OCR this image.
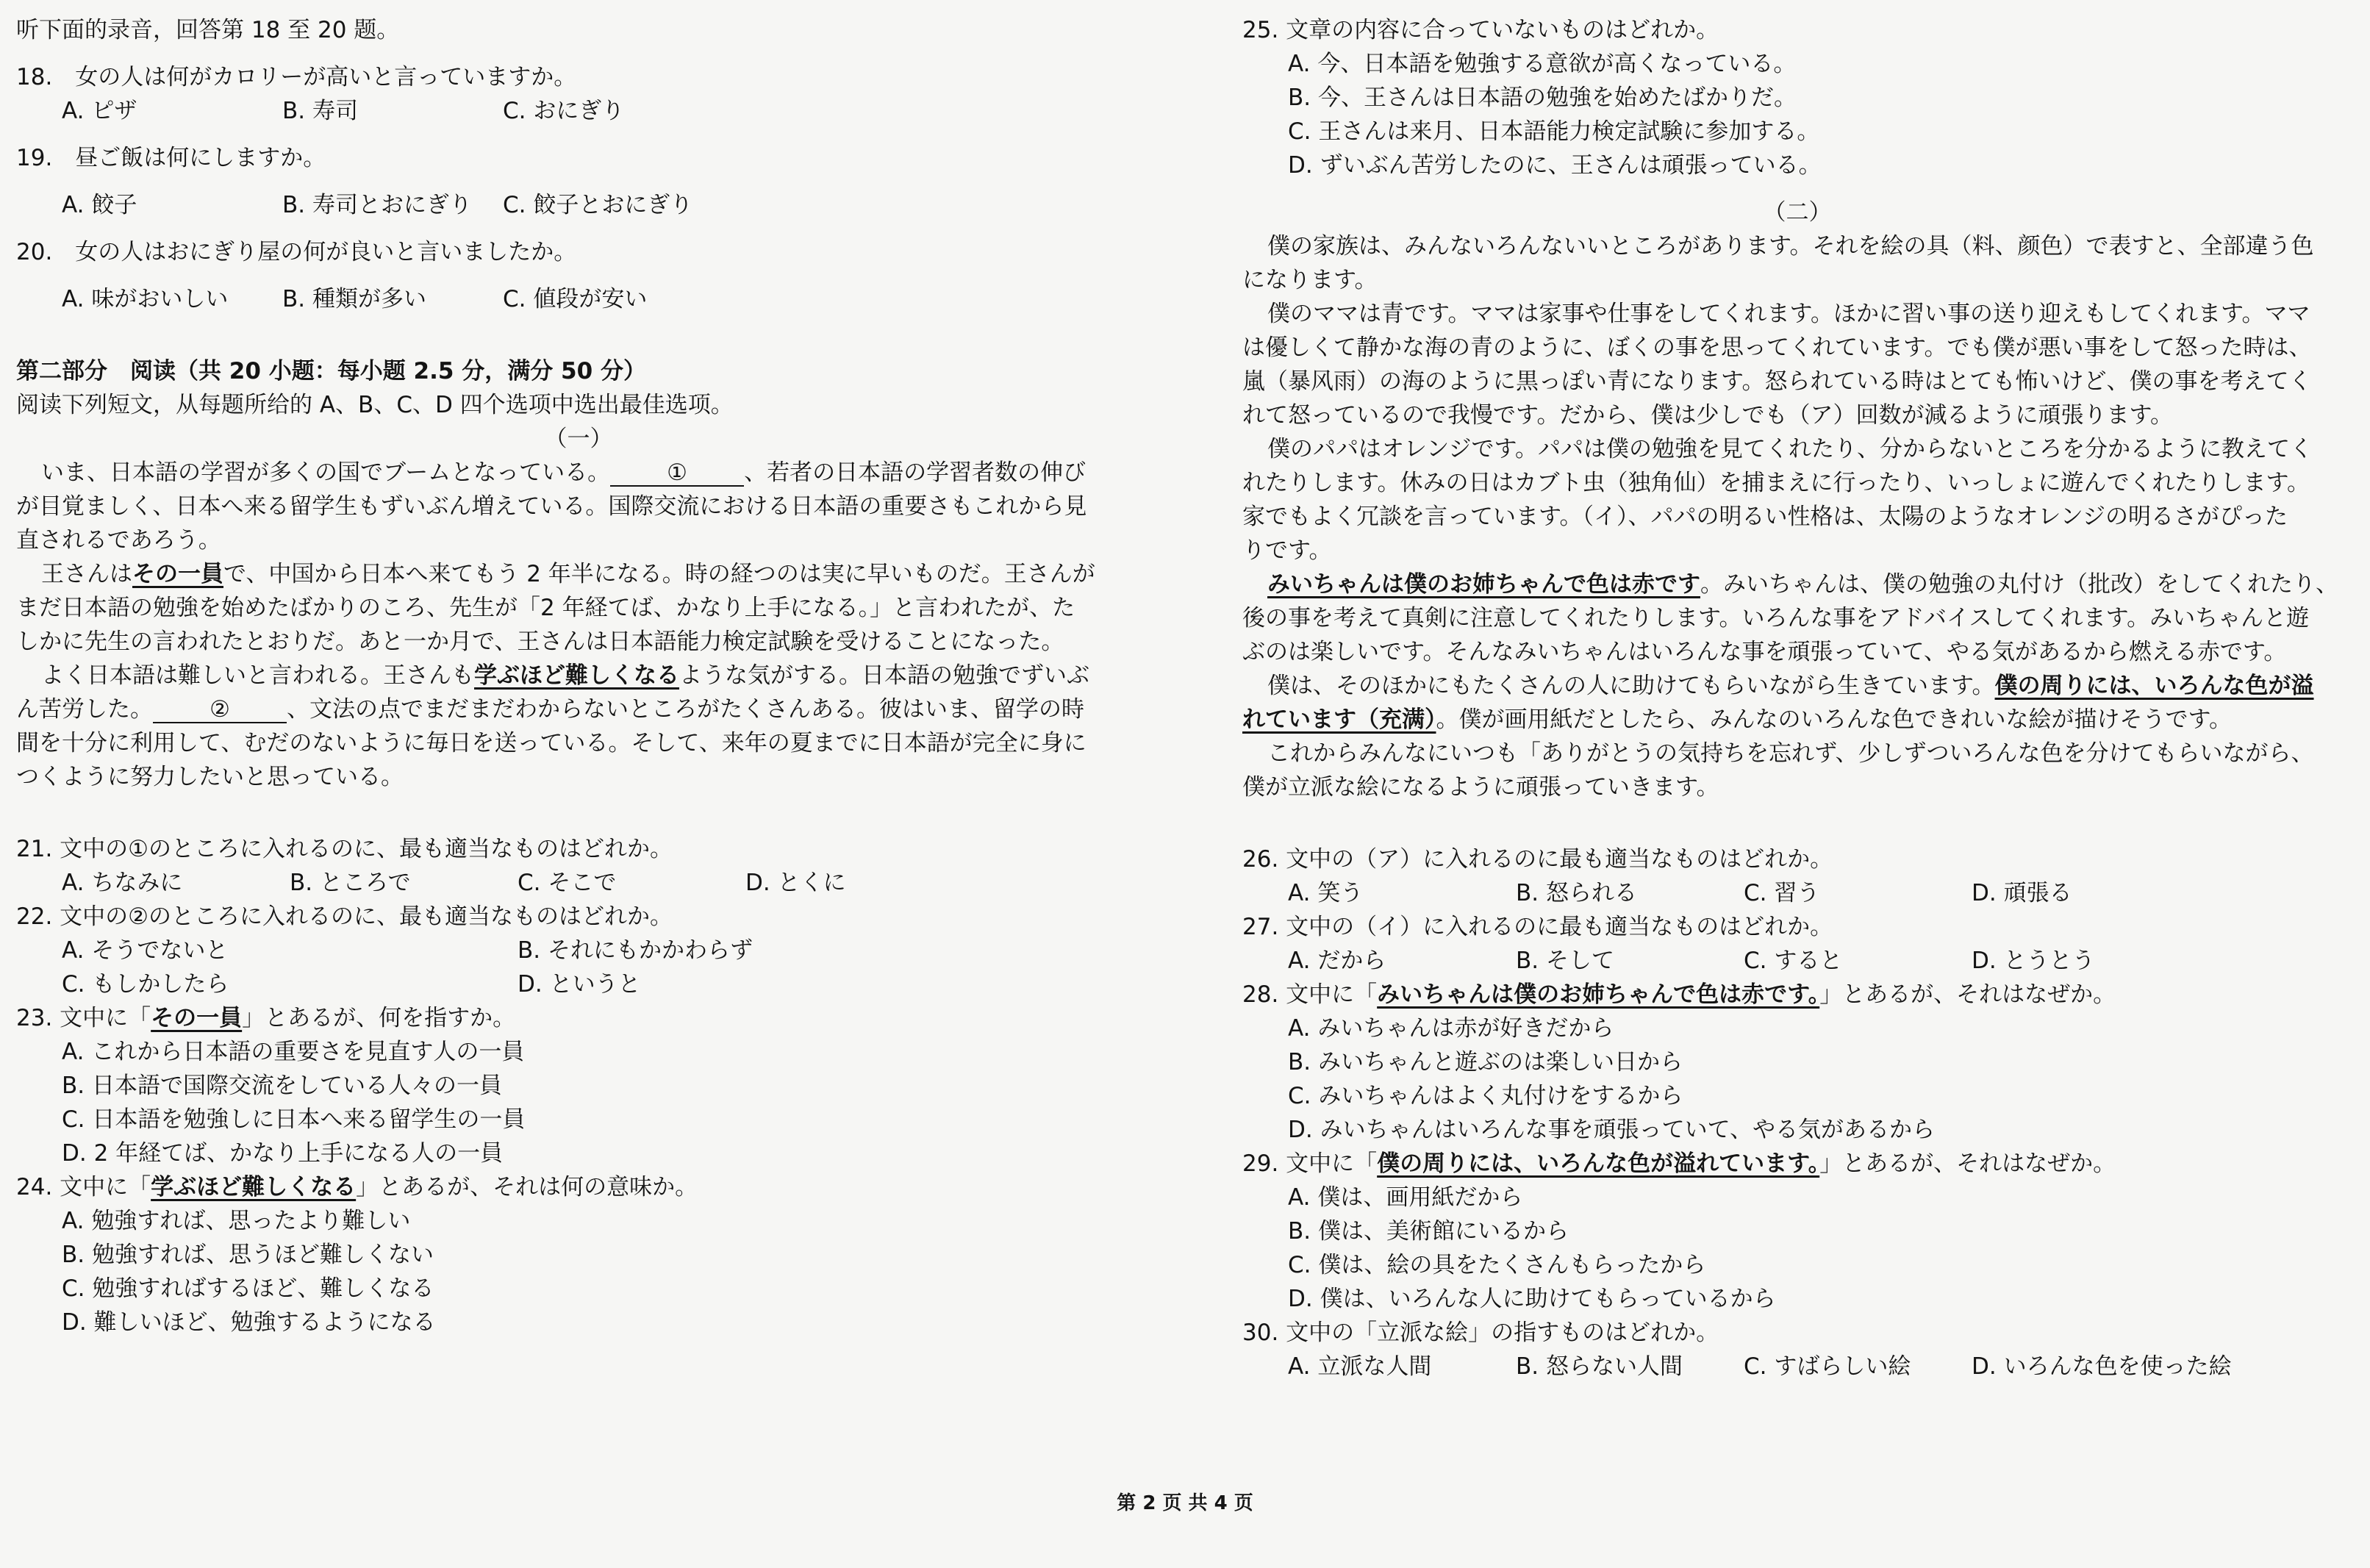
听下面的录音，回答第 18 至 20 题。
18.　女の人は何がカロリーが高いと言っていますか。
A. ピザ	B. 寿司	C. おにぎり
19.　昼ご飯は何にしますか。
A. 餃子	B. 寿司とおにぎり	C. 餃子とおにぎり
20.　女の人はおにぎり屋の何が良いと言いましたか。
A. 味がおいしい	B. 種類が多い	C. 値段が安い
第二部分　阅读（共 20 小题：每小题 2.5 分，满分 50 分）
阅读下列短文，从每题所给的 A、B、C、D 四个选项中选出最佳选项。
（一）
いま、日本語の学習が多くの国でブームとなっている。 ① 、若者の日本語の学習者数の伸び
が目覚ましく、日本へ来る留学生もずいぶん増えている。国際交流における日本語の重要さもこれから見
直されるであろう。
王さんはその一員で、中国から日本へ来てもう 2 年半になる。時の経つのは実に早いものだ。王さんが
まだ日本語の勉強を始めたばかりのころ、先生が「2 年経てば、かなり上手になる。」と言われたが、た
しかに先生の言われたとおりだ。あと一か月で、王さんは日本語能力検定試験を受けることになった。
よく日本語は難しいと言われる。王さんも学ぶほど難しくなるような気がする。日本語の勉強でずいぶ
ん苦労した。 ② 、文法の点でまだまだわからないところがたくさんある。彼はいま、留学の時
間を十分に利用して、むだのないように毎日を送っている。そして、来年の夏までに日本語が完全に身に
つくように努力したいと思っている。
21. 文中の①のところに入れるのに、最も適当なものはどれか。
A. ちなみに	B. ところで	C. そこで	D. とくに
22. 文中の②のところに入れるのに、最も適当なものはどれか。
A. そうでないと	B. それにもかかわらず
C. もしかしたら	D. というと
23. 文中に「その一員」とあるが、何を指すか。
A. これから日本語の重要さを見直す人の一員
B. 日本語で国際交流をしている人々の一員
C. 日本語を勉強しに日本へ来る留学生の一員
D. 2 年経てば、かなり上手になる人の一員
24. 文中に「学ぶほど難しくなる」とあるが、それは何の意味か。
A. 勉強すれば、思ったより難しい
B. 勉強すれば、思うほど難しくない
C. 勉強すればするほど、難しくなる
D. 難しいほど、勉強するようになる
25. 文章の内容に合っていないものはどれか。
A. 今、日本語を勉強する意欲が高くなっている。
B. 今、王さんは日本語の勉強を始めたばかりだ。
C. 王さんは来月、日本語能力検定試験に参加する。
D. ずいぶん苦労したのに、王さんは頑張っている。
（二）
僕の家族は、みんないろんないいところがあります。それを絵の具（料、颜色）で表すと、全部違う色
になります。
僕のママは青です。ママは家事や仕事をしてくれます。ほかに習い事の送り迎えもしてくれます。ママ
は優しくて静かな海の青のように、ぼくの事を思ってくれています。でも僕が悪い事をして怒った時は、
嵐（暴风雨）の海のように黒っぽい青になります。怒られている時はとても怖いけど、僕の事を考えてく
れて怒っているので我慢です。だから、僕は少しでも（ア）回数が減るように頑張ります。
僕のパパはオレンジです。パパは僕の勉強を見てくれたり、分からないところを分かるように教えてく
れたりします。休みの日はカブト虫（独角仙）を捕まえに行ったり、いっしょに遊んでくれたりします。
家でもよく冗談を言っています。（イ）、パパの明るい性格は、太陽のようなオレンジの明るさがぴった
りです。
みいちゃんは僕のお姉ちゃんで色は赤です。みいちゃんは、僕の勉強の丸付け（批改）をしてくれたり、
後の事を考えて真剣に注意してくれたりします。いろんな事をアドバイスしてくれます。みいちゃんと遊
ぶのは楽しいです。そんなみいちゃんはいろんな事を頑張っていて、やる気があるから燃える赤です。
僕は、そのほかにもたくさんの人に助けてもらいながら生きています。僕の周りには、いろんな色が溢
れています（充满）。僕が画用紙だとしたら、みんなのいろんな色できれいな絵が描けそうです。
これからみんなにいつも「ありがとうの気持ちを忘れず、少しずついろんな色を分けてもらいながら、
僕が立派な絵になるように頑張っていきます。
26. 文中の（ア）に入れるのに最も適当なものはどれか。
A. 笑う	B. 怒られる	C. 習う	D. 頑張る
27. 文中の（イ）に入れるのに最も適当なものはどれか。
A. だから	B. そして	C. すると	D. とうとう
28. 文中に「みいちゃんは僕のお姉ちゃんで色は赤です。」とあるが、それはなぜか。
A. みいちゃんは赤が好きだから
B. みいちゃんと遊ぶのは楽しい日から
C. みいちゃんはよく丸付けをするから
D. みいちゃんはいろんな事を頑張っていて、やる気があるから
29. 文中に「僕の周りには、いろんな色が溢れています。」とあるが、それはなぜか。
A. 僕は、画用紙だから
B. 僕は、美術館にいるから
C. 僕は、絵の具をたくさんもらったから
D. 僕は、いろんな人に助けてもらっているから
30. 文中の「立派な絵」の指すものはどれか。
A. 立派な人間	B. 怒らない人間	C. すばらしい絵	D. いろんな色を使った絵
第 2 页 共 4 页
